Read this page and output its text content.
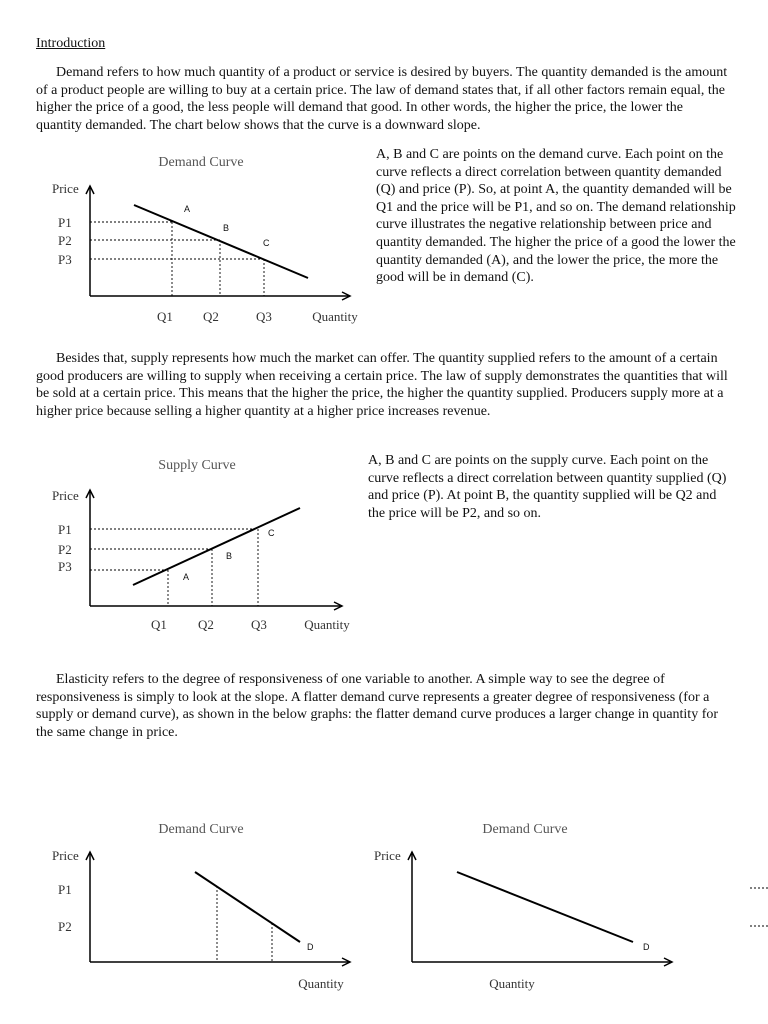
Introduction

Demand refers to how much quantity of a product or service is desired by buyers. The quantity demanded is the amount of a product people are willing to buy at a certain price. The law of demand states that, if all other factors remain equal, the higher the price of a good, the less people will demand that good. In other words, the higher the price, the lower the quantity demanded. The chart below shows that the curve is a downward slope.

Demand Curve
Price
P1
P2
P3
Q1 Q2	Q3	Quantity
A
B
C

A, B and C are points on the demand curve. Each point on the curve reflects a direct correlation between quantity demanded (Q) and price (P). So, at point A, the quantity demanded will be Q1 and the price will be P1, and so on. The demand relationship curve illustrates the negative relationship between price and quantity demanded. The higher the price of a good the lower the quantity demanded (A), and the lower the price, the more the good will be in demand (C).

Besides that, supply represents how much the market can offer. The quantity supplied refers to the amount of a certain good producers are willing to supply when receiving a certain price. The law of supply demonstrates the quantities that will be sold at a certain price. This means that the higher the price, the higher the quantity supplied. Producers supply more at a higher price because selling a higher quantity at a higher price increases revenue.

Supply Curve
Price
P1
P2
P3
Q1 Q2	Q3	Quantity
A
B
C

A, B and C are points on the supply curve. Each point on the curve reflects a direct correlation between quantity supplied (Q) and price (P). At point B, the quantity supplied will be Q2 and the price will be P2, and so on.

Elasticity refers to the degree of responsiveness of one variable to another. A simple way to see the degree of responsiveness is simply to look at the slope. A flatter demand curve represents a greater degree of responsiveness (for a supply or demand curve), as shown in the below graphs: the flatter demand curve produces a larger change in quantity for the same change in price.

Demand Curve
Price
P1
P2
D
Quantity
Demand Curve
Price
D
Quantity
